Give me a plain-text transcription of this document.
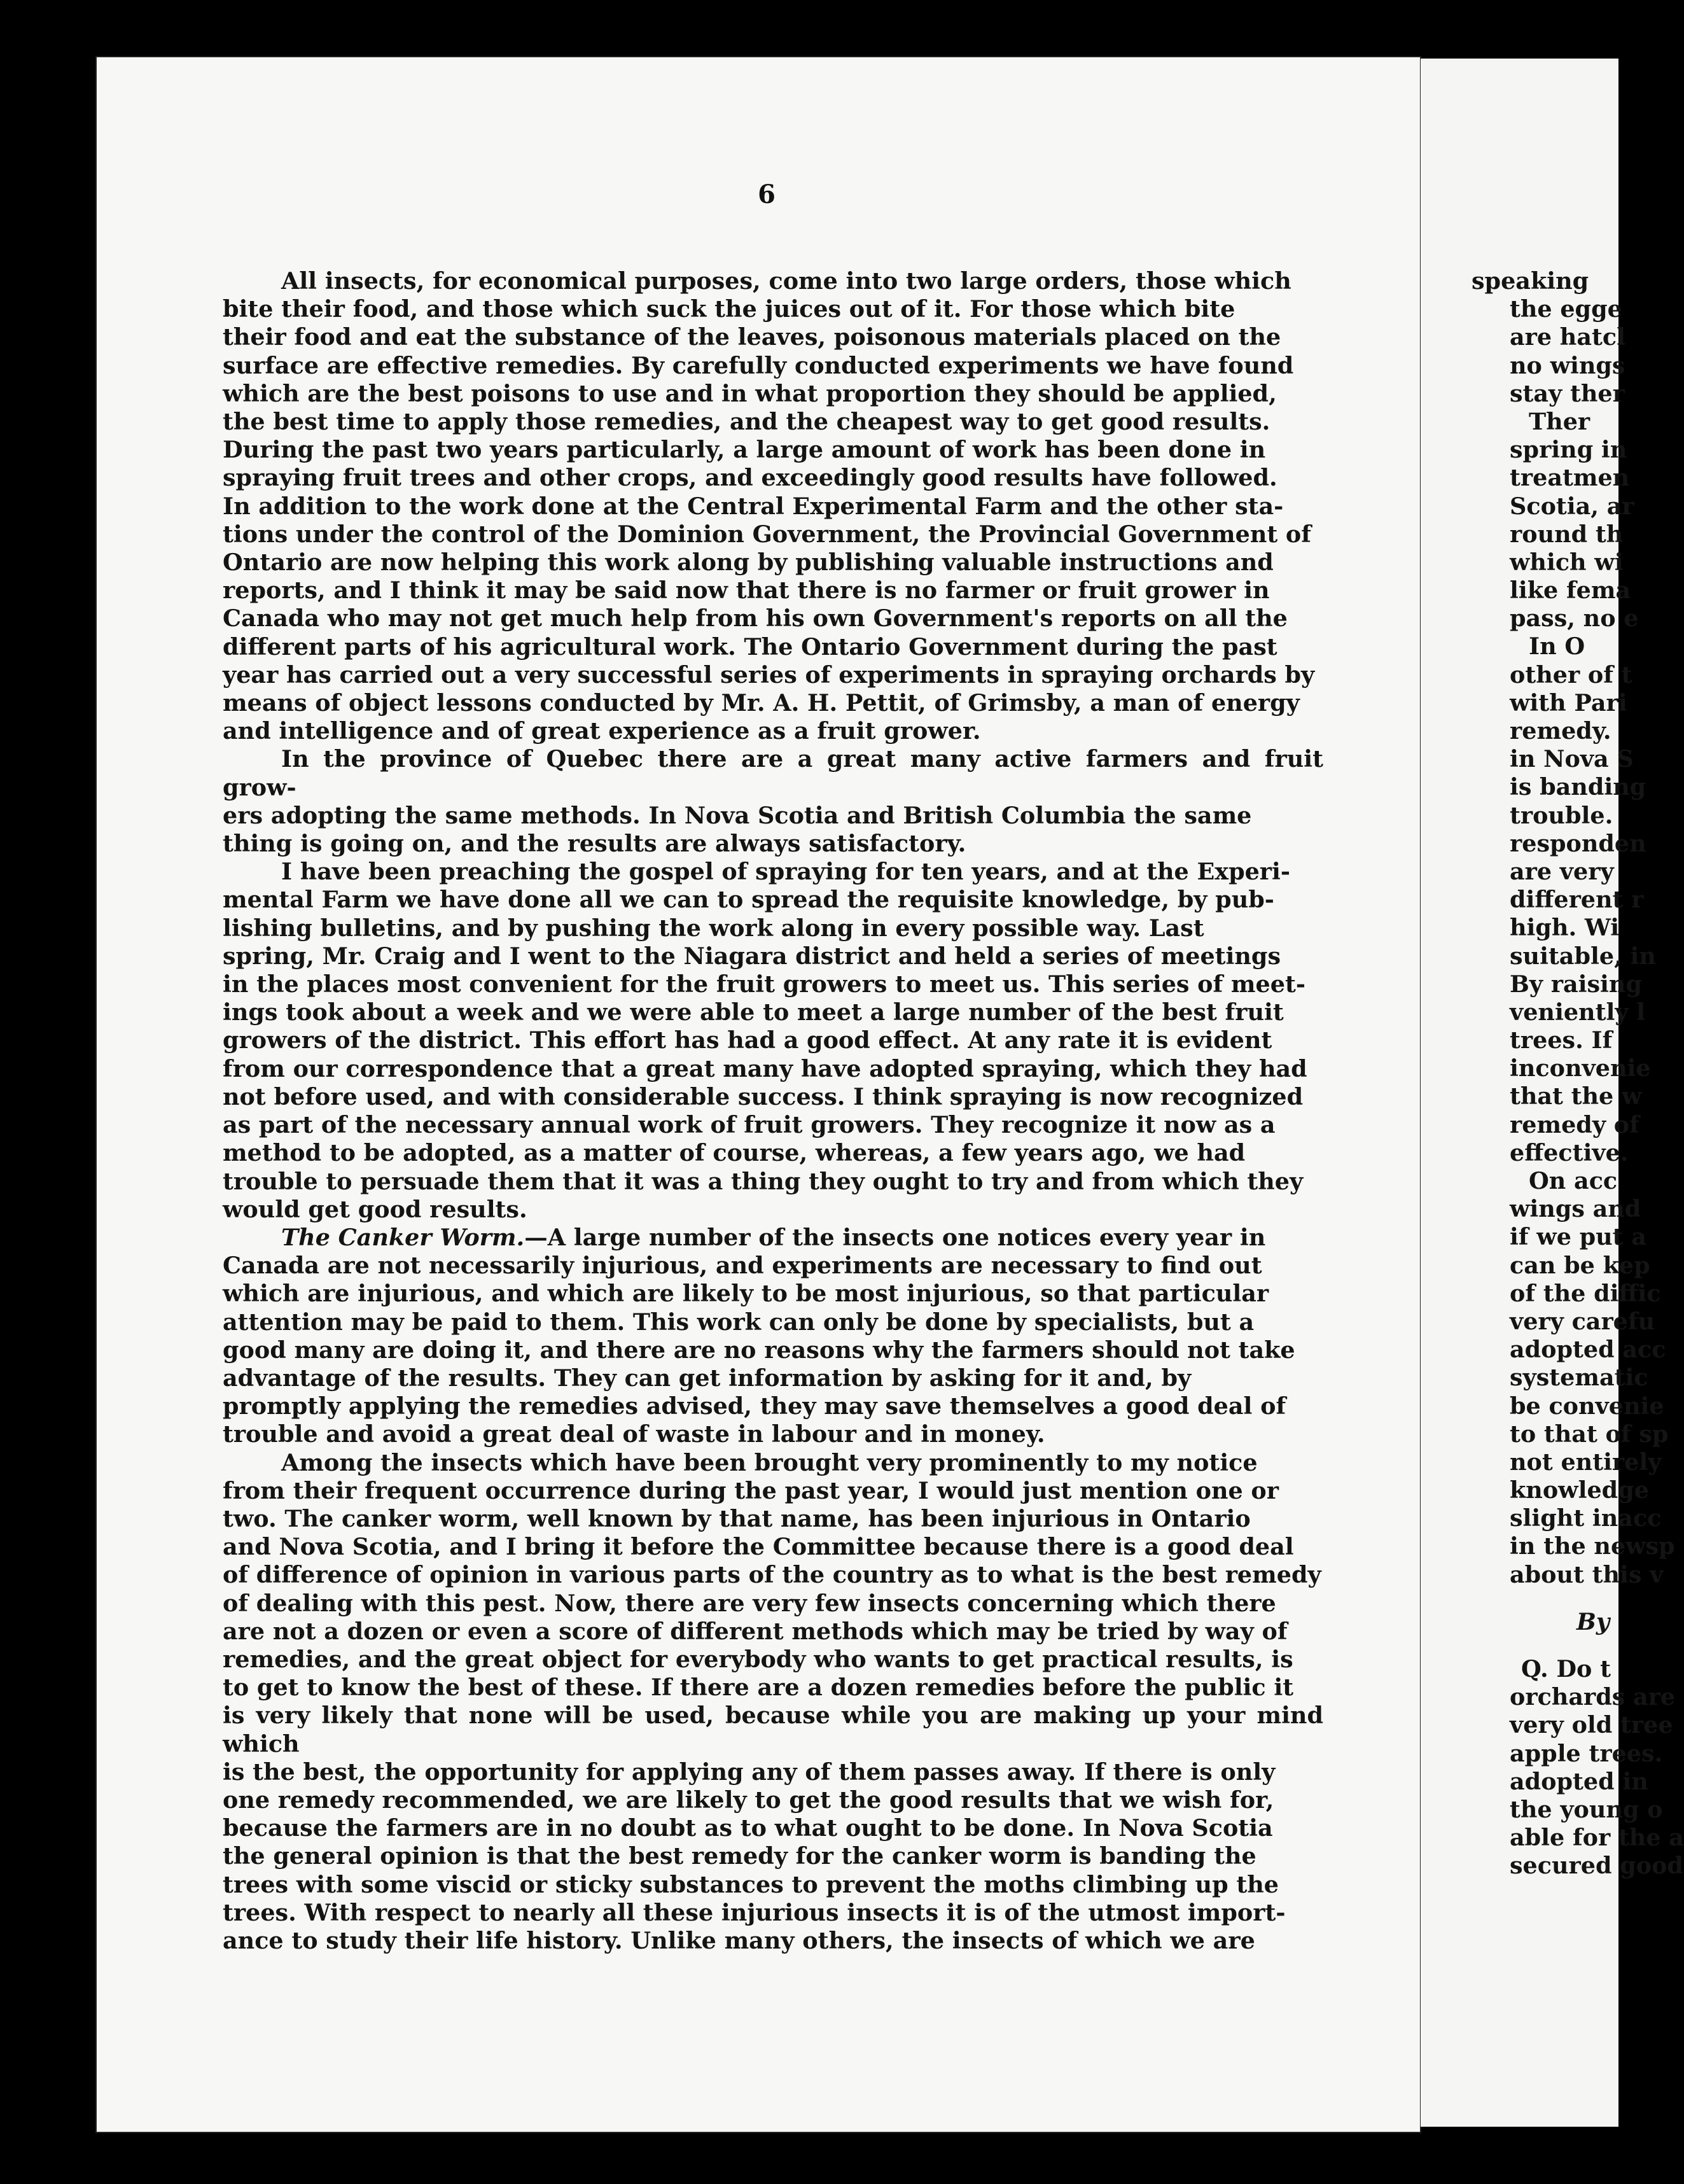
6

All insects, for economical purposes, come into two large orders, those which
bite their food, and those which suck the juices out of it. For those which bite
their food and eat the substance of the leaves, poisonous materials placed on the
surface are effective remedies. By carefully conducted experiments we have found
which are the best poisons to use and in what proportion they should be applied,
the best time to apply those remedies, and the cheapest way to get good results.
During the past two years particularly, a large amount of work has been done in
spraying fruit trees and other crops, and exceedingly good results have followed.
In addition to the work done at the Central Experimental Farm and the other sta-
tions under the control of the Dominion Government, the Provincial Government of
Ontario are now helping this work along by publishing valuable instructions and
reports, and I think it may be said now that there is no farmer or fruit grower in
Canada who may not get much help from his own Government's reports on all the
different parts of his agricultural work. The Ontario Government during the past
year has carried out a very successful series of experiments in spraying orchards by
means of object lessons conducted by Mr. A. H. Pettit, of Grimsby, a man of energy
and intelligence and of great experience as a fruit grower.

In the province of Quebec there are a great many active farmers and fruit grow-
ers adopting the same methods. In Nova Scotia and British Columbia the same
thing is going on, and the results are always satisfactory.

I have been preaching the gospel of spraying for ten years, and at the Experi-
mental Farm we have done all we can to spread the requisite knowledge, by pub-
lishing bulletins, and by pushing the work along in every possible way. Last
spring, Mr. Craig and I went to the Niagara district and held a series of meetings
in the places most convenient for the fruit growers to meet us. This series of meet-
ings took about a week and we were able to meet a large number of the best fruit
growers of the district. This effort has had a good effect. At any rate it is evident
from our correspondence that a great many have adopted spraying, which they had
not before used, and with considerable success. I think spraying is now recognized
as part of the necessary annual work of fruit growers. They recognize it now as a
method to be adopted, as a matter of course, whereas, a few years ago, we had
trouble to persuade them that it was a thing they ought to try and from which they
would get good results.

The Canker Worm.—A large number of the insects one notices every year in
Canada are not necessarily injurious, and experiments are necessary to find out
which are injurious, and which are likely to be most injurious, so that particular
attention may be paid to them. This work can only be done by specialists, but a
good many are doing it, and there are no reasons why the farmers should not take
advantage of the results. They can get information by asking for it and, by
promptly applying the remedies advised, they may save themselves a good deal of
trouble and avoid a great deal of waste in labour and in money.

Among the insects which have been brought very prominently to my notice
from their frequent occurrence during the past year, I would just mention one or
two. The canker worm, well known by that name, has been injurious in Ontario
and Nova Scotia, and I bring it before the Committee because there is a good deal
of difference of opinion in various parts of the country as to what is the best remedy
of dealing with this pest. Now, there are very few insects concerning which there
are not a dozen or even a score of different methods which may be tried by way of
remedies, and the great object for everybody who wants to get practical results, is
to get to know the best of these. If there are a dozen remedies before the public it
is very likely that none will be used, because while you are making up your mind which
is the best, the opportunity for applying any of them passes away. If there is only
one remedy recommended, we are likely to get the good results that we wish for,
because the farmers are in no doubt as to what ought to be done. In Nova Scotia
the general opinion is that the best remedy for the canker worm is banding the
trees with some viscid or sticky substances to prevent the moths climbing up the
trees. With respect to nearly all these injurious insects it is of the utmost import-
ance to study their life history. Unlike many others, the insects of which we are

speaking
the egge
are hatcl
no wings
stay ther
Ther
spring in
treatmen
Scotia, ar
round th
which wi
like fema
pass, no e
In O
other of t
with Pari
remedy.
in Nova S
is banding
trouble.
responden
are very
different r
high. Wi
suitable, in
By raising
veniently l
trees. If
inconvenie
that the w
remedy of
effective.
On acc
wings and
if we put a
can be kep
of the diffic
very carefu
adopted acc
systematic
be convenie
to that of sp
not entirely
knowledge
slight inacc
in the newsp
about this v
By
Q. Do t
orchards are
very old tree
apple trees.
adopted in
the young o
able for the a
secured good
